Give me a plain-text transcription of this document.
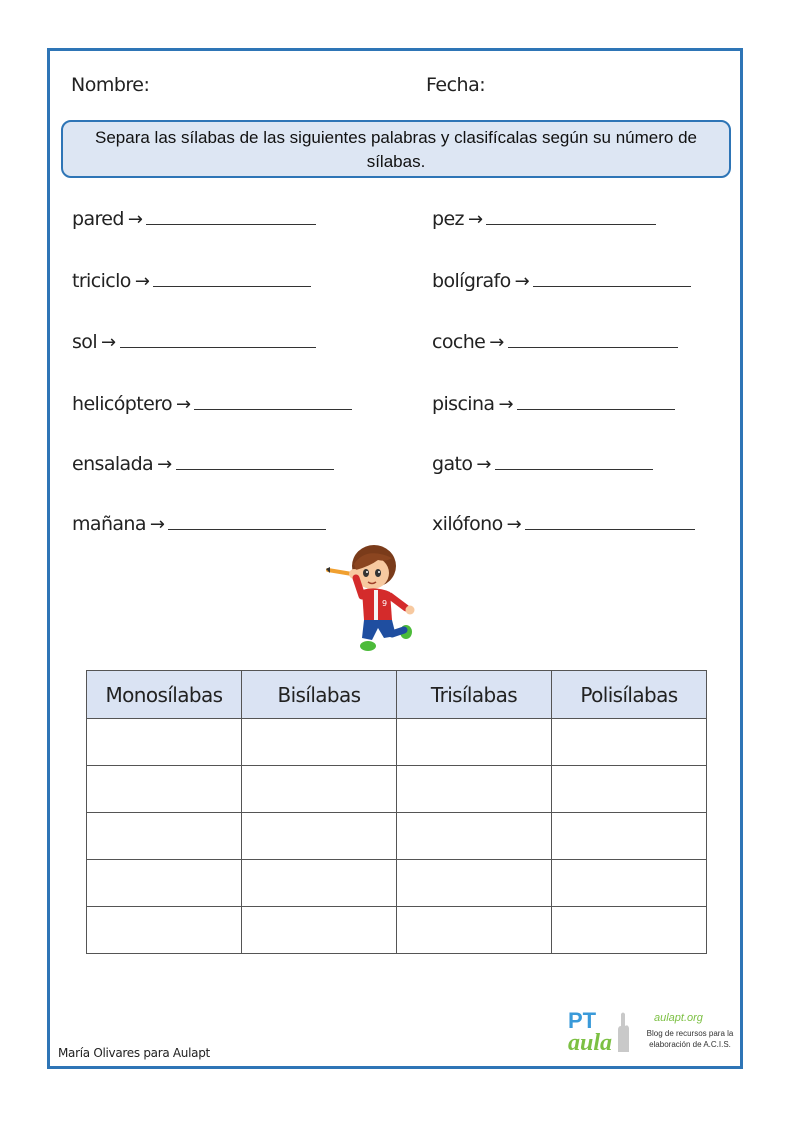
Nombre:	Fecha:
Separa las sílabas de las siguientes palabras y clasifícalas según su número de sílabas.
pared →
triciclo →
sol →
helicóptero →
ensalada →
mañana →
pez →
bolígrafo →
coche →
piscina →
gato →
xilófono →
9
Monosílabas	Bisílabas	Trisílabas	Polisílabas

María Olivares para Aulapt
PT
aula
aulapt.org
Blog de recursos para la elaboración de A.C.I.S.
